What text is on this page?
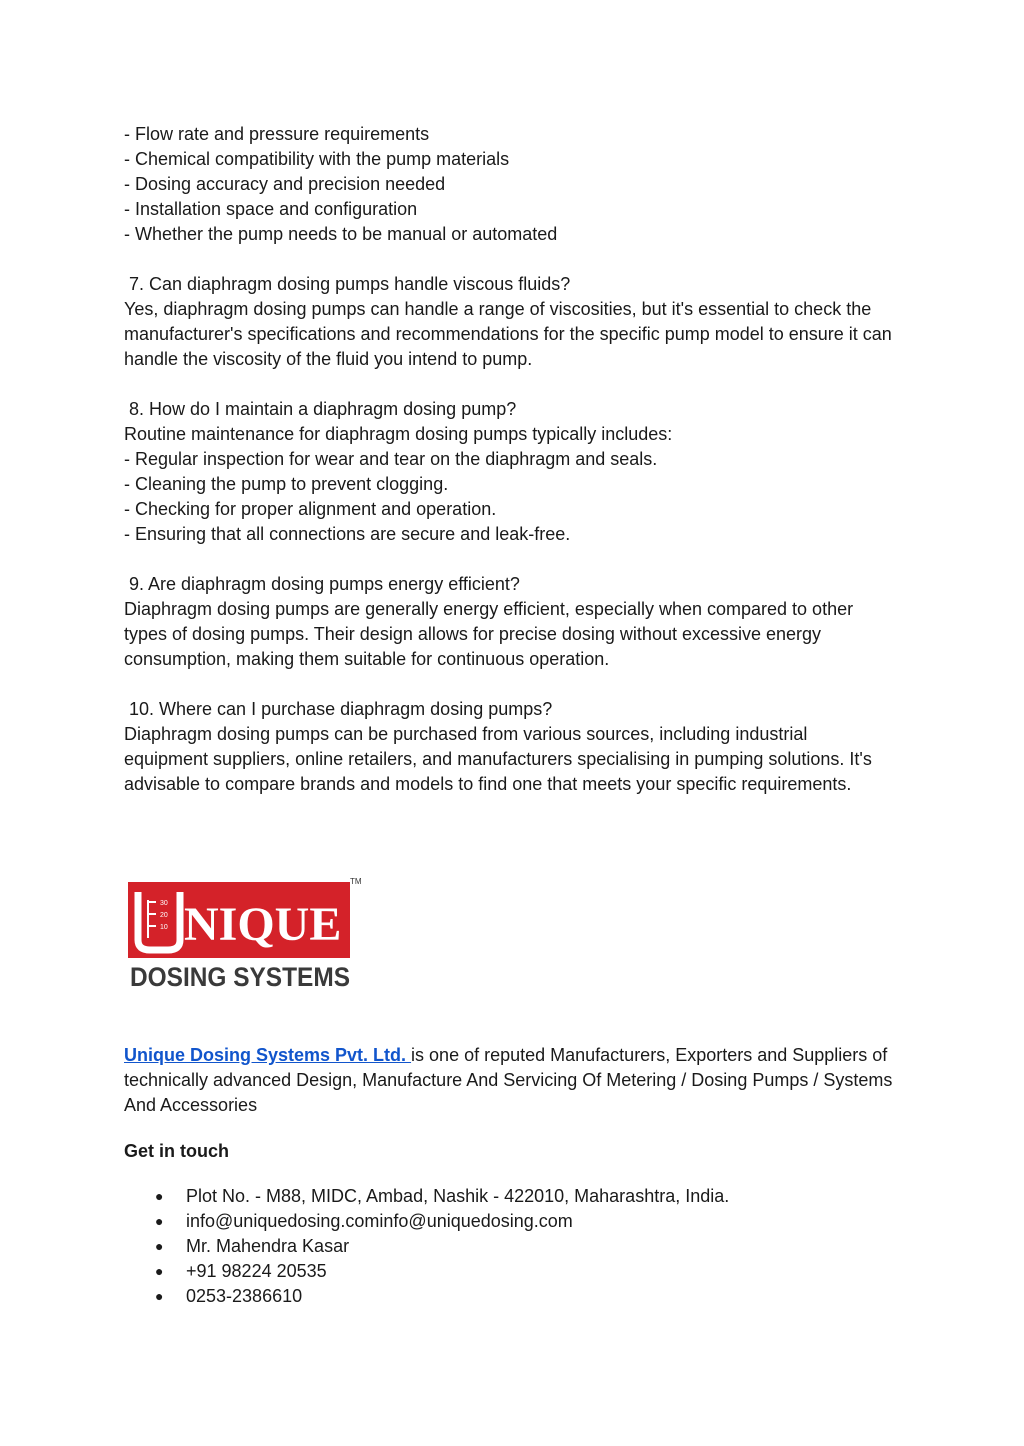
- Flow rate and pressure requirements
- Chemical compatibility with the pump materials
- Dosing accuracy and precision needed
- Installation space and configuration
- Whether the pump needs to be manual or automated
7. Can diaphragm dosing pumps handle viscous fluids?
Yes, diaphragm dosing pumps can handle a range of viscosities, but it's essential to check the manufacturer's specifications and recommendations for the specific pump model to ensure it can handle the viscosity of the fluid you intend to pump.
8. How do I maintain a diaphragm dosing pump?
Routine maintenance for diaphragm dosing pumps typically includes:
- Regular inspection for wear and tear on the diaphragm and seals.
- Cleaning the pump to prevent clogging.
- Checking for proper alignment and operation.
- Ensuring that all connections are secure and leak-free.
9. Are diaphragm dosing pumps energy efficient?
Diaphragm dosing pumps are generally energy efficient, especially when compared to other types of dosing pumps. Their design allows for precise dosing without excessive energy consumption, making them suitable for continuous operation.
10. Where can I purchase diaphragm dosing pumps?
Diaphragm dosing pumps can be purchased from various sources, including industrial equipment suppliers, online retailers, and manufacturers specialising in pumping solutions. It's advisable to compare brands and models to find one that meets your specific requirements.
30
20
10 NIQUE
TM
DOSING SYSTEMS
Unique Dosing Systems Pvt. Ltd. is one of reputed Manufacturers, Exporters and Suppliers of technically advanced Design, Manufacture And Servicing Of Metering / Dosing Pumps / Systems And Accessories
Get in touch
● Plot No. - M88, MIDC, Ambad, Nashik - 422010, Maharashtra, India.
● info@uniquedosing.cominfo@uniquedosing.com
● Mr. Mahendra Kasar
● +91 98224 20535
● 0253-2386610
